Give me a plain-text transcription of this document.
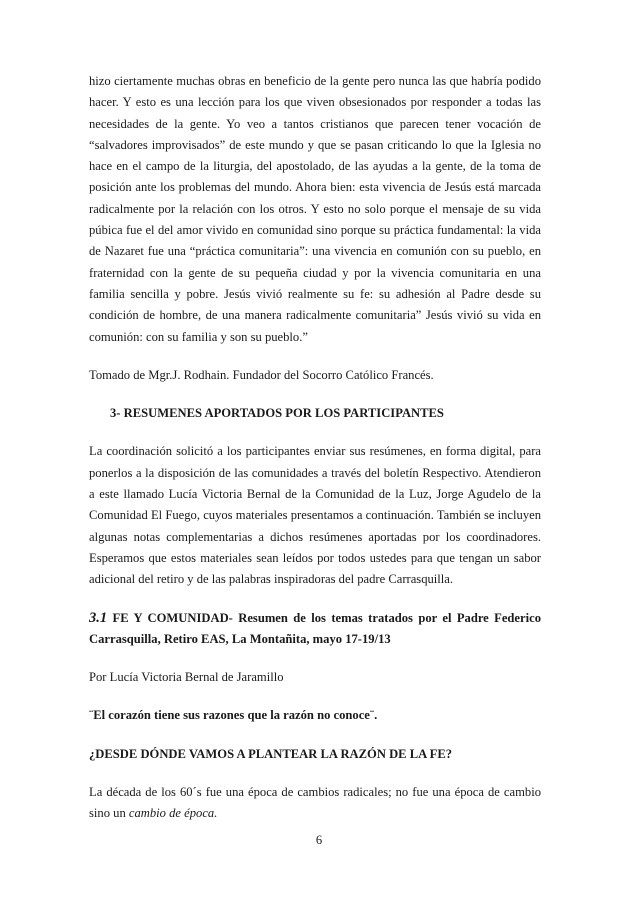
hizo ciertamente muchas obras en beneficio de la gente pero nunca las que habría podido hacer. Y esto es una lección para los que viven obsesionados por responder a todas las necesidades de la gente. Yo veo a tantos cristianos que parecen tener vocación de “salvadores improvisados” de este mundo y que se pasan criticando lo que la Iglesia no hace en el campo de la liturgia, del apostolado, de las ayudas a la gente, de la toma de posición ante los problemas del mundo. Ahora bien: esta vivencia de Jesús está marcada radicalmente por la relación con los otros. Y esto no solo porque el mensaje de su vida púbica fue el del amor vivido en comunidad sino porque su práctica fundamental: la vida de Nazaret fue una “práctica comunitaria”: una vivencia en comunión con su pueblo, en fraternidad con la gente de su pequeña ciudad y por la vivencia comunitaria en una familia sencilla y pobre. Jesús vivió realmente su fe: su adhesión al Padre desde su condición de hombre, de una manera radicalmente comunitaria” Jesús vivió su vida en comunión: con su familia y son su pueblo.”

Tomado de Mgr.J. Rodhain. Fundador del Socorro Católico Francés.

3- RESUMENES APORTADOS POR LOS PARTICIPANTES

La coordinación solicitó a los participantes enviar sus resúmenes, en forma digital, para ponerlos a la disposición de las comunidades a través del boletín Respectivo. Atendieron a este llamado Lucía Victoria Bernal de la Comunidad de la Luz, Jorge Agudelo de la Comunidad El Fuego, cuyos materiales presentamos a continuación. También se incluyen algunas notas complementarias a dichos resúmenes aportadas por los coordinadores. Esperamos que estos materiales sean leídos por todos ustedes para que tengan un sabor adicional del retiro y de las palabras inspiradoras del padre Carrasquilla.

3.1 FE Y COMUNIDAD- Resumen de los temas tratados por el Padre Federico Carrasquilla, Retiro EAS, La Montañita, mayo 17-19/13

Por Lucía Victoria Bernal de Jaramillo

¨El corazón tiene sus razones que la razón no conoce¨.

¿DESDE DÓNDE VAMOS A PLANTEAR LA RAZÓN DE LA FE?

La década de los 60´s fue una época de cambios radicales; no fue una época de cambio sino un cambio de época.

6
